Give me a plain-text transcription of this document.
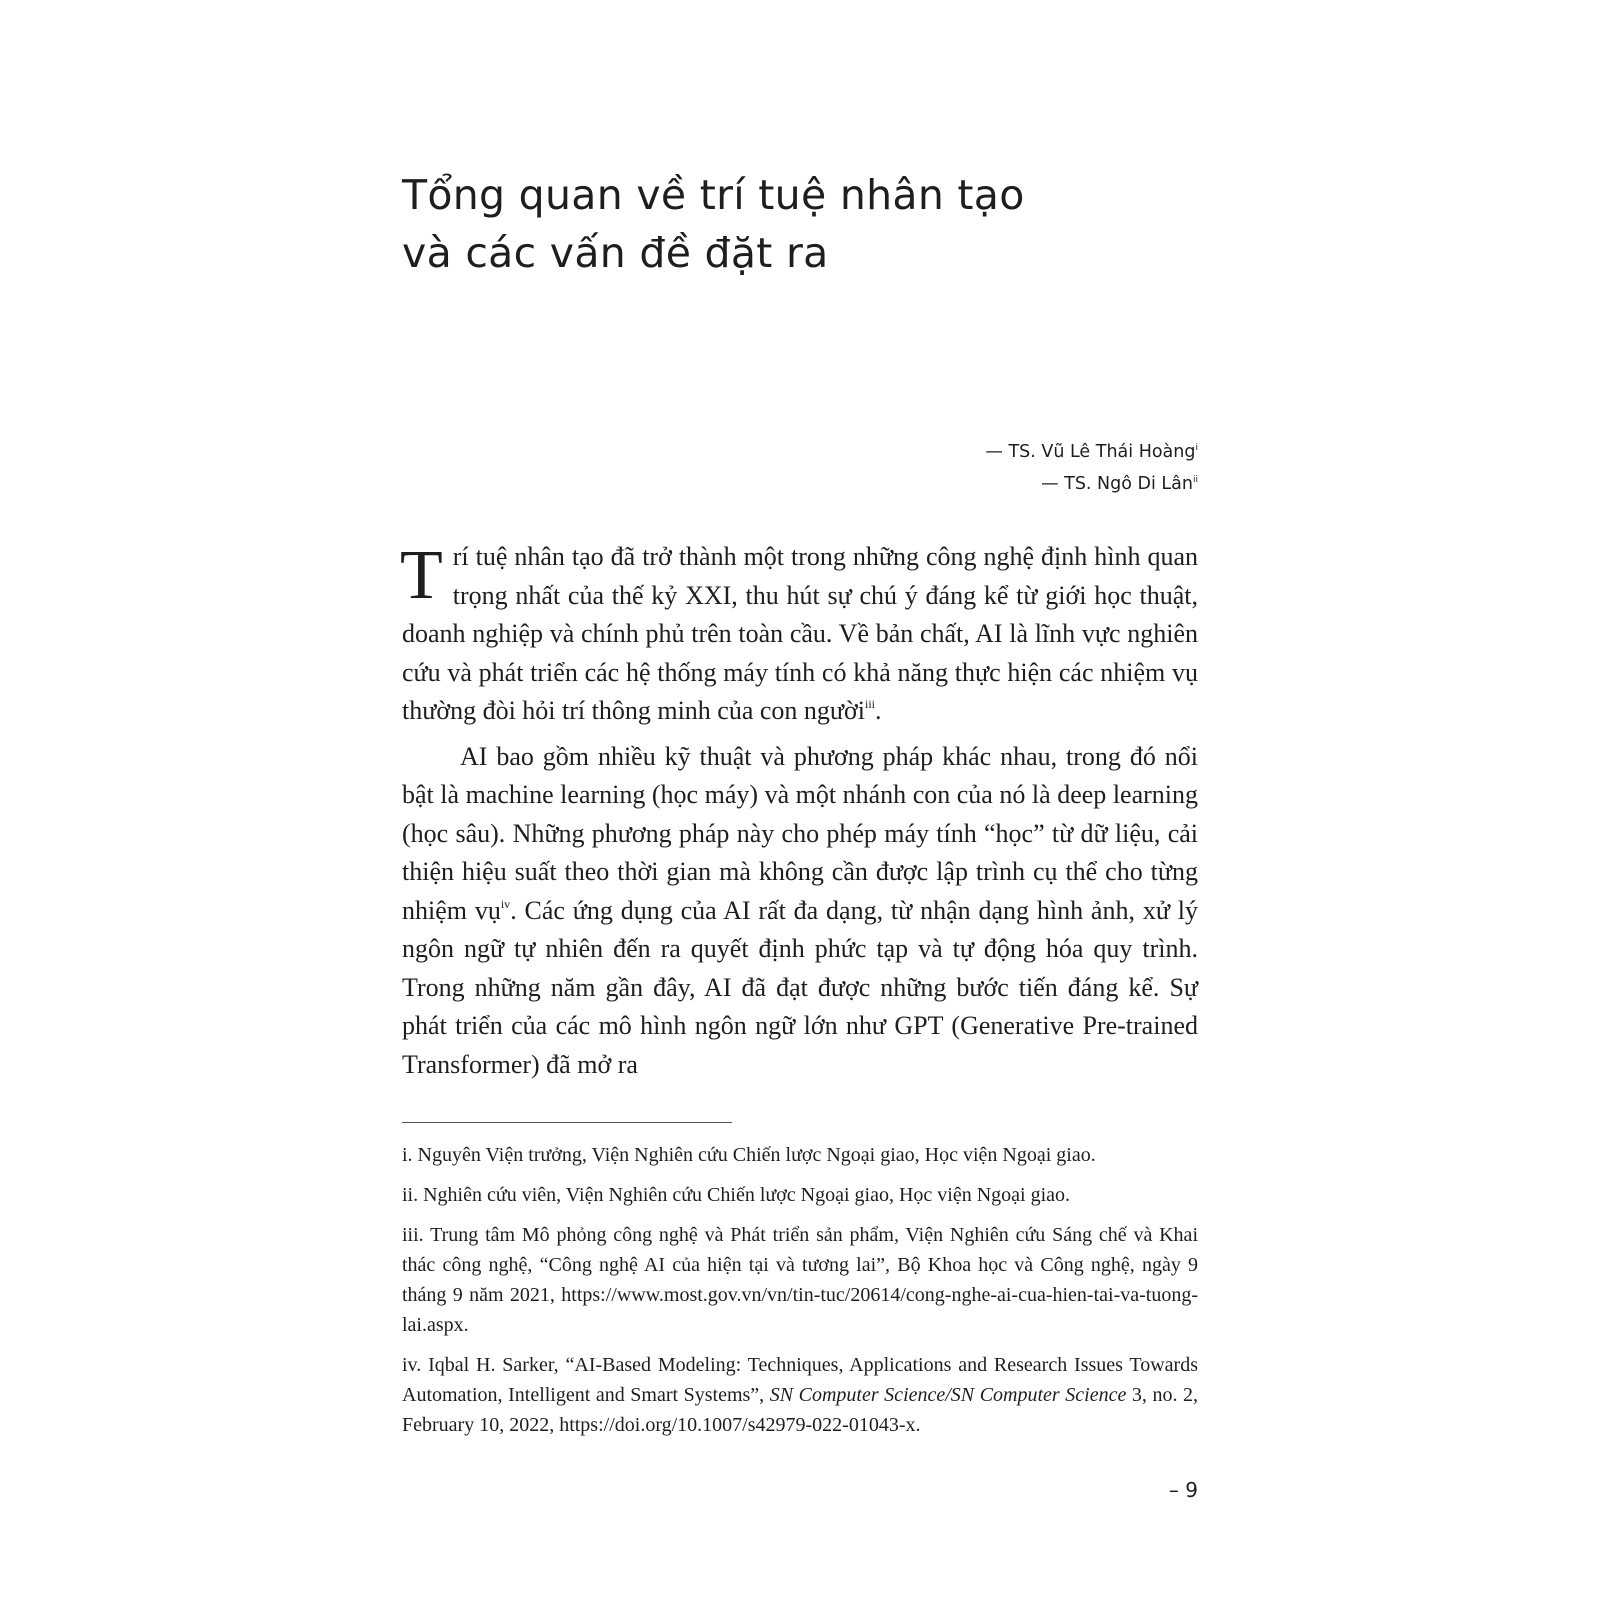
Tổng quan về trí tuệ nhân tạo
và các vấn đề đặt ra
— TS. Vũ Lê Thái Hoàng$^i$
— TS. Ngô Di Lân$^{ii}$

Trí tuệ nhân tạo đã trở thành một trong những công nghệ định hình quan trọng nhất của thế kỷ XXI, thu hút sự chú ý đáng kể từ giới học thuật, doanh nghiệp và chính phủ trên toàn cầu. Về bản chất, AI là lĩnh vực nghiên cứu và phát triển các hệ thống máy tính có khả năng thực hiện các nhiệm vụ thường đòi hỏi trí thông minh của con người$^{iii}$.

AI bao gồm nhiều kỹ thuật và phương pháp khác nhau, trong đó nổi bật là machine learning (học máy) và một nhánh con của nó là deep learning (học sâu). Những phương pháp này cho phép máy tính “học” từ dữ liệu, cải thiện hiệu suất theo thời gian mà không cần được lập trình cụ thể cho từng nhiệm vụ$^{iv}$. Các ứng dụng của AI rất đa dạng, từ nhận dạng hình ảnh, xử lý ngôn ngữ tự nhiên đến ra quyết định phức tạp và tự động hóa quy trình. Trong những năm gần đây, AI đã đạt được những bước tiến đáng kể. Sự phát triển của các mô hình ngôn ngữ lớn như GPT (Generative Pre-trained Transformer) đã mở ra

i. Nguyên Viện trưởng, Viện Nghiên cứu Chiến lược Ngoại giao, Học viện Ngoại giao.

ii. Nghiên cứu viên, Viện Nghiên cứu Chiến lược Ngoại giao, Học viện Ngoại giao.

iii. Trung tâm Mô phỏng công nghệ và Phát triển sản phẩm, Viện Nghiên cứu Sáng chế và Khai thác công nghệ, “Công nghệ AI của hiện tại và tương lai”, Bộ Khoa học và Công nghệ, ngày 9 tháng 9 năm 2021, https://www.most.gov.vn/vn/tin-tuc/20614/cong-nghe-ai-cua-hien-tai-va-tuong-lai.aspx.

iv. Iqbal H. Sarker, “AI-Based Modeling: Techniques, Applications and Research Issues Towards Automation, Intelligent and Smart Systems”, SN Computer Science/SN Computer Science 3, no. 2, February 10, 2022, https://doi.org/10.1007/s42979-022-01043-x.

– 9
